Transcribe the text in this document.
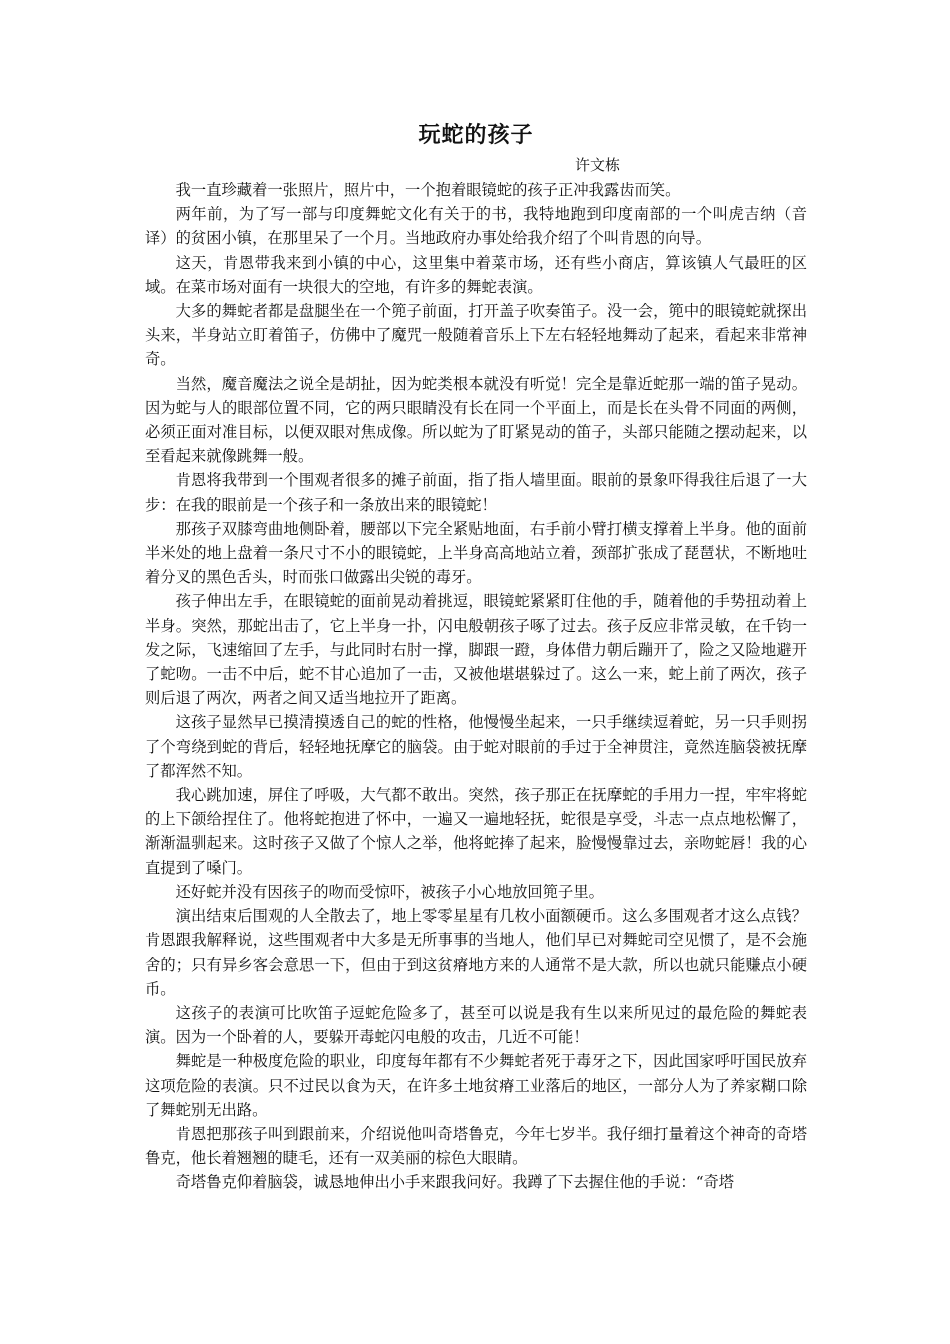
玩蛇的孩子
许文栋

我一直珍藏着一张照片，照片中，一个抱着眼镜蛇的孩子正冲我露齿而笑。

两年前，为了写一部与印度舞蛇文化有关于的书，我特地跑到印度南部的一个叫虎吉纳（音译）的贫困小镇，在那里呆了一个月。当地政府办事处给我介绍了个叫肯恩的向导。

这天，肯恩带我来到小镇的中心，这里集中着菜市场，还有些小商店，算该镇人气最旺的区域。在菜市场对面有一块很大的空地，有许多的舞蛇表演。

大多的舞蛇者都是盘腿坐在一个篼子前面，打开盖子吹奏笛子。没一会，篼中的眼镜蛇就探出头来，半身站立盯着笛子，仿佛中了魔咒一般随着音乐上下左右轻轻地舞动了起来，看起来非常神奇。

当然，魔音魔法之说全是胡扯，因为蛇类根本就没有听觉！完全是靠近蛇那一端的笛子晃动。因为蛇与人的眼部位置不同，它的两只眼睛没有长在同一个平面上，而是长在头骨不同面的两侧，必须正面对准目标，以便双眼对焦成像。所以蛇为了盯紧晃动的笛子，头部只能随之摆动起来，以至看起来就像跳舞一般。

肯恩将我带到一个围观者很多的摊子前面，指了指人墙里面。眼前的景象吓得我往后退了一大步：在我的眼前是一个孩子和一条放出来的眼镜蛇！

那孩子双膝弯曲地侧卧着，腰部以下完全紧贴地面，右手前小臂打横支撑着上半身。他的面前半米处的地上盘着一条尺寸不小的眼镜蛇，上半身高高地站立着，颈部扩张成了琵琶状，不断地吐着分叉的黑色舌头，时而张口做露出尖锐的毒牙。

孩子伸出左手，在眼镜蛇的面前晃动着挑逗，眼镜蛇紧紧盯住他的手，随着他的手势扭动着上半身。突然，那蛇出击了，它上半身一扑，闪电般朝孩子啄了过去。孩子反应非常灵敏，在千钧一发之际，飞速缩回了左手，与此同时右肘一撑，脚跟一蹬，身体借力朝后蹦开了，险之又险地避开了蛇吻。一击不中后，蛇不甘心追加了一击，又被他堪堪躲过了。这么一来，蛇上前了两次，孩子则后退了两次，两者之间又适当地拉开了距离。

这孩子显然早已摸清摸透自己的蛇的性格，他慢慢坐起来，一只手继续逗着蛇，另一只手则拐了个弯绕到蛇的背后，轻轻地抚摩它的脑袋。由于蛇对眼前的手过于全神贯注，竟然连脑袋被抚摩了都浑然不知。

我心跳加速，屏住了呼吸，大气都不敢出。突然，孩子那正在抚摩蛇的手用力一捏，牢牢将蛇的上下颌给捏住了。他将蛇抱进了怀中，一遍又一遍地轻抚，蛇很是享受，斗志一点点地松懈了，渐渐温驯起来。这时孩子又做了个惊人之举，他将蛇捧了起来，脸慢慢靠过去，亲吻蛇唇！我的心直提到了嗓门。

还好蛇并没有因孩子的吻而受惊吓，被孩子小心地放回篼子里。

演出结束后围观的人全散去了，地上零零星星有几枚小面额硬币。这么多围观者才这么点钱？肯恩跟我解释说，这些围观者中大多是无所事事的当地人，他们早已对舞蛇司空见惯了，是不会施舍的；只有异乡客会意思一下，但由于到这贫瘠地方来的人通常不是大款，所以也就只能赚点小硬币。

这孩子的表演可比吹笛子逗蛇危险多了，甚至可以说是我有生以来所见过的最危险的舞蛇表演。因为一个卧着的人，要躲开毒蛇闪电般的攻击，几近不可能！

舞蛇是一种极度危险的职业，印度每年都有不少舞蛇者死于毒牙之下，因此国家呼吁国民放弃这项危险的表演。只不过民以食为天，在许多土地贫瘠工业落后的地区，一部分人为了养家糊口除了舞蛇别无出路。

肯恩把那孩子叫到跟前来，介绍说他叫奇塔鲁克，今年七岁半。我仔细打量着这个神奇的奇塔鲁克，他长着翘翘的睫毛，还有一双美丽的棕色大眼睛。

奇塔鲁克仰着脑袋，诚恳地伸出小手来跟我问好。我蹲了下去握住他的手说：“奇塔
